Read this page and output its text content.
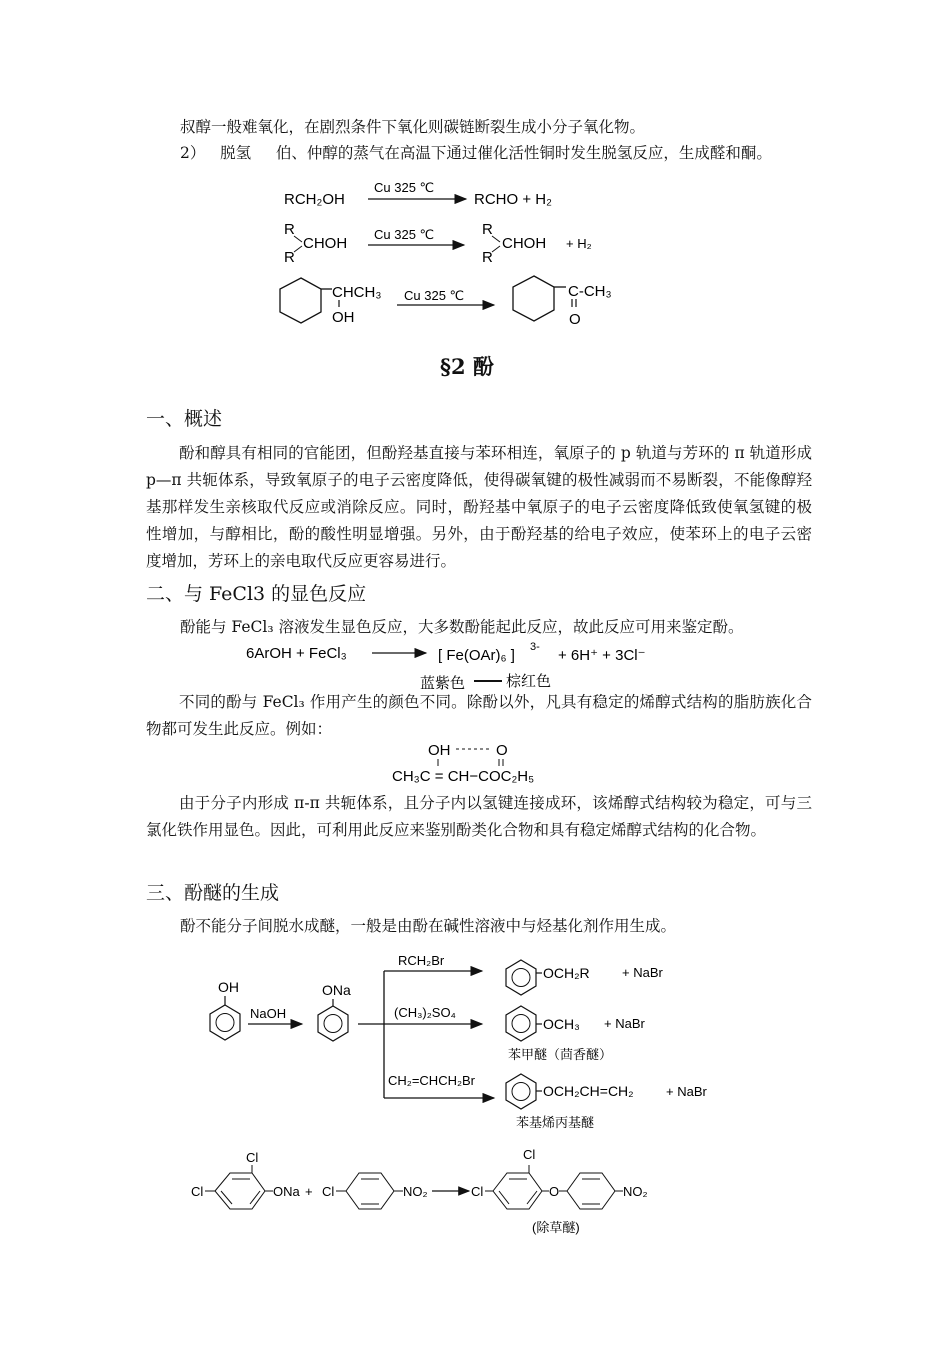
叔醇一般难氧化，在剧烈条件下氧化则碳链断裂生成小分子氧化物。
2） 脱氢 伯、仲醇的蒸气在高温下通过催化活性铜时发生脱氢反应，生成醛和酮。
RCH₂OH
Cu 325 ℃
RCHO + H₂
R
R
CHOH
Cu 325 ℃	R
R
CHOH + H₂
CHCH₃
OH
Cu 325 ℃	C-CH₃
O
§2 酚
一、概述
酚和醇具有相同的官能团，但酚羟基直接与苯环相连，氧原子的 p 轨道与芳环的 π 轨道形成 p—π 共轭体系，导致氧原子的电子云密度降低，使得碳氧键的极性减弱而不易断裂，不能像醇羟基那样发生亲核取代反应或消除反应。同时，酚羟基中氧原子的电子云密度降低致使氧氢键的极性增加，与醇相比，酚的酸性明显增强。另外，由于酚羟基的给电子效应，使苯环上的电子云密度增加，芳环上的亲电取代反应更容易进行。
二、与 FeCl3 的显色反应
酚能与 FeCl₃ 溶液发生显色反应，大多数酚能起此反应，故此反应可用来鉴定酚。
6ArOH + FeCl₃	[ Fe(OAr)₆ ] 3- + 6H⁺ + 3Cl⁻
蓝紫色	棕红色
不同的酚与 FeCl₃ 作用产生的颜色不同。除酚以外，凡具有稳定的烯醇式结构的脂肪族化合物都可发生此反应。例如：
OH	O
CH₃C = CH−COC₂H₅
由于分子内形成 π-π 共轭体系，且分子内以氢键连接成环，该烯醇式结构较为稳定，可与三氯化铁作用显色。因此，可利用此反应来鉴别酚类化合物和具有稳定烯醇式结构的化合物。
三、酚醚的生成
酚不能分子间脱水成醚，一般是由酚在碱性溶液中与烃基化剂作用生成。
OH
NaOH
ONa
RCH₂Br
(CH₃)₂SO₄
CH₂=CHCH₂Br
OCH₂R + NaBr
OCH₃ + NaBr
苯甲醚（茴香醚）
OCH₂CH=CH₂ + NaBr
苯基烯丙基醚
Cl
Cl
ONa + Cl	NO₂	Cl
Cl
O	NO₂
(除草醚)
